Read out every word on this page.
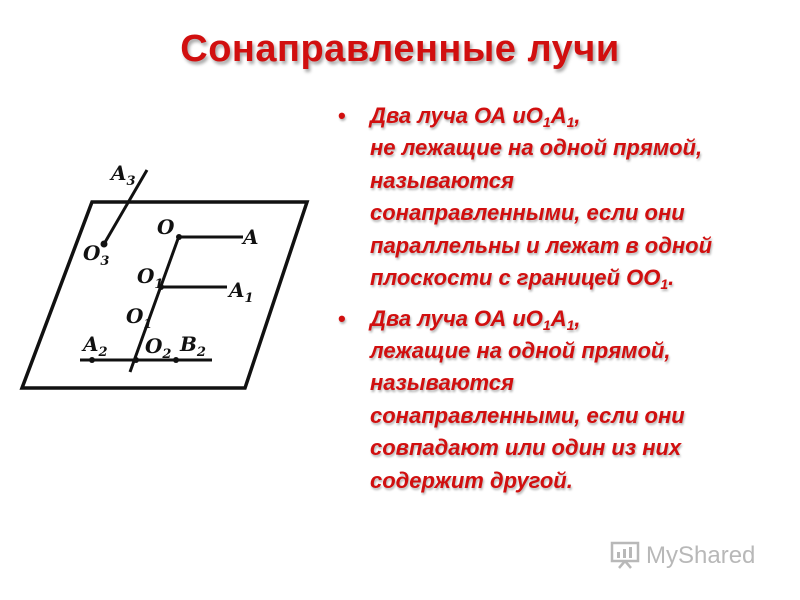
Сонаправленные лучи
• Два луча ОА $иО_1А_1$,
не лежащие на одной прямой,
называются
сонаправленными, если они
параллельны и лежат в одной
плоскости с границей $ОО_1$.
• Два луча ОА $иО_1А_1$,
лежащие на одной прямой,
называются
сонаправленными, если они
совпадают или один из них
содержит другой.
$A_3$
$O_3$
O	A
$O_1$	$A_1$
$O_1$
$A_2$ $O_2$ $B_2$
MyShared
